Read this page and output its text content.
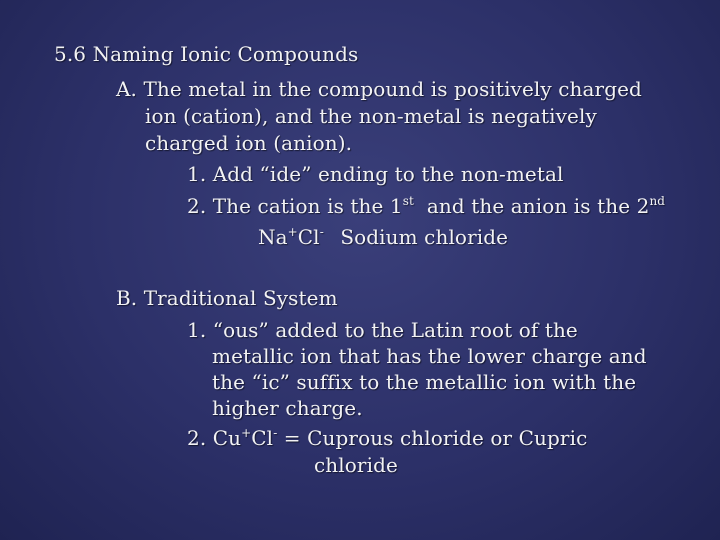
5.6 Naming Ionic Compounds
A. The metal in the compound is positively charged
ion (cation), and the non-metal is negatively
charged ion (anion).
1. Add “ide” ending to the non-metal
2. The cation is the 1st  and the anion is the 2nd
Na+Cl- Sodium chloride
B. Traditional System
1. “ous” added to the Latin root of the
metallic ion that has the lower charge and
the “ic” suffix to the metallic ion with the
higher charge.
2. Cu+Cl- = Cuprous chloride or Cupric
chloride
